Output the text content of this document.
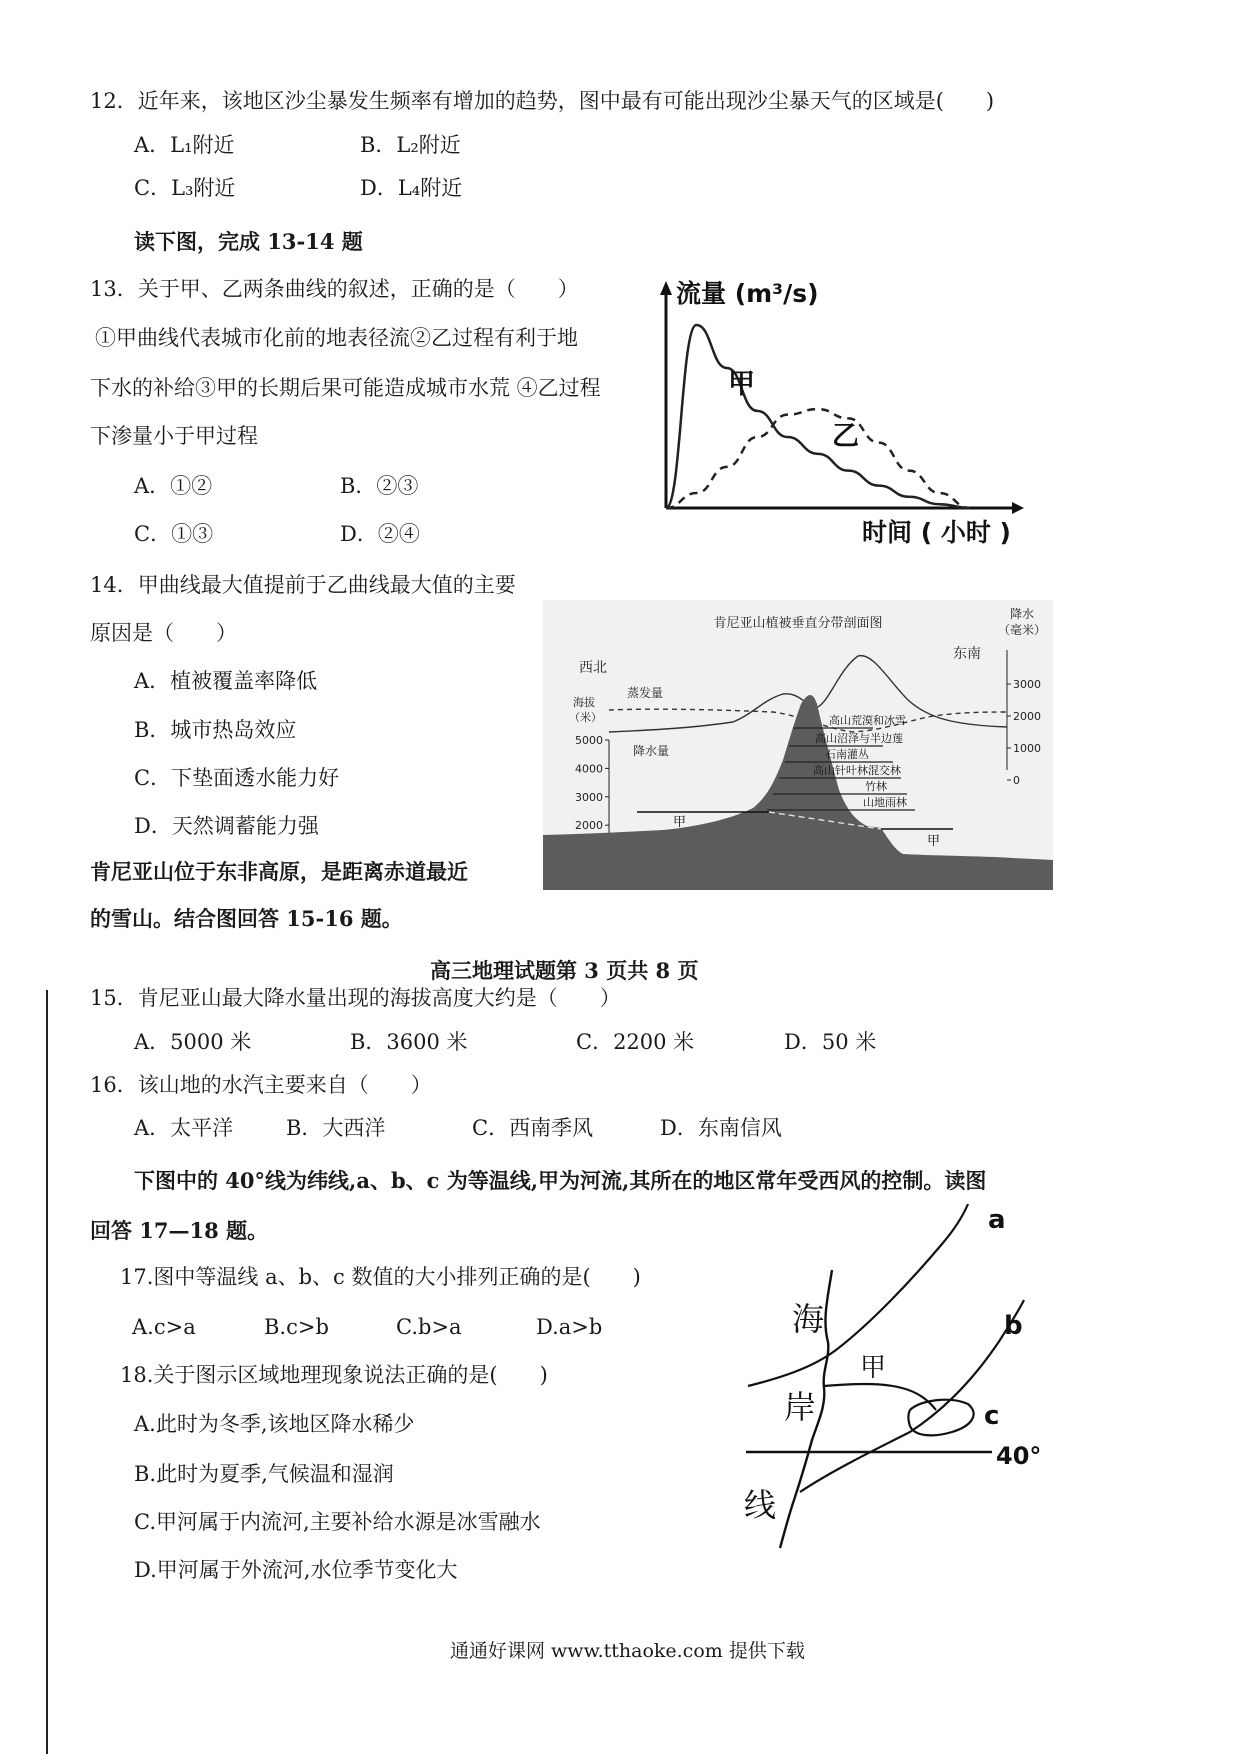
12．近年来，该地区沙尘暴发生频率有增加的趋势，图中最有可能出现沙尘暴天气的区域是(　　)
A．L₁附近	B．L₂附近
C．L₃附近	D．L₄附近
读下图，完成 13-14 题
13．关于甲、乙两条曲线的叙述，正确的是（　　）
①甲曲线代表城市化前的地表径流②乙过程有利于地
下水的补给③甲的长期后果可能造成城市水荒 ④乙过程
下渗量小于甲过程
A．①②	B．②③
C．①③	D．②④
流量 (m³/s)
时间 ( 小时 )
甲
乙
14．甲曲线最大值提前于乙曲线最大值的主要
原因是（　　）
A．植被覆盖率降低
B．城市热岛效应
C．下垫面透水能力好
D．天然调蓄能力强
肯尼亚山植被垂直分带剖面图
降水
（毫米）
西北
东南
蒸发量
降水量
海拔
（米）
5000
4000
3000
2000
3000
2000
1000
0
高山荒漠和冰雪
高山沼泽与半边莲
石南灌丛
高山针叶林混交林
竹林
山地雨林
甲
甲
肯尼亚山位于东非高原，是距离赤道最近
的雪山。结合图回答 15-16 题。
高三地理试题第 3 页共 8 页
15．肯尼亚山最大降水量出现的海拔高度大约是（　　）
A．5000 米	B．3600 米	C．2200 米	D．50 米
16．该山地的水汽主要来自（　　）
A．太平洋	B．大西洋	C．西南季风	D．东南信风
下图中的 40°线为纬线,a、b、c 为等温线,甲为河流,其所在的地区常年受西风的控制。读图
回答 17—18 题。
17.图中等温线 a、b、c 数值的大小排列正确的是(　　)
A.c>a	B.c>b	C.b>a	D.a>b
18.关于图示区域地理现象说法正确的是(　　)
A.此时为冬季,该地区降水稀少
B.此时为夏季,气候温和湿润
C.甲河属于内流河,主要补给水源是冰雪融水
D.甲河属于外流河,水位季节变化大
海
岸
线
甲
a
b
c
40°
通通好课网 www.tthaoke.com 提供下载
